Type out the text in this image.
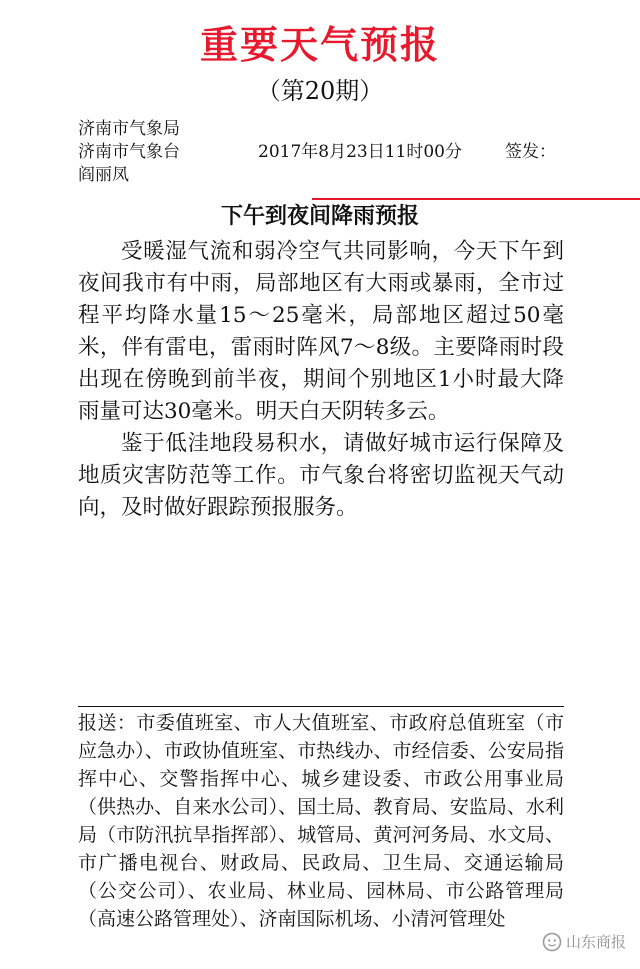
重要天气预报
（第20期）
济南市气象局
济南市气象台
阎丽凤
2017年8月23日11时00分	签发：
下午到夜间降雨预报

受暖湿气流和弱冷空气共同影响，今天下午到夜间我市有中雨，局部地区有大雨或暴雨，全市过程平均降水量15～25毫米，局部地区超过50毫米，伴有雷电，雷雨时阵风7～8级。主要降雨时段出现在傍晚到前半夜，期间个别地区1小时最大降雨量可达30毫米。明天白天阴转多云。

鉴于低洼地段易积水，请做好城市运行保障及地质灾害防范等工作。市气象台将密切监视天气动向，及时做好跟踪预报服务。

报送：市委值班室、市人大值班室、市政府总值班室（市应急办）、市政协值班室、市热线办、市经信委、公安局指挥中心、交警指挥中心、城乡建设委、市政公用事业局（供热办、自来水公司）、国土局、教育局、安监局、水利局（市防汛抗旱指挥部）、城管局、黄河河务局、水文局、市广播电视台、财政局、民政局、卫生局、交通运输局（公交公司）、农业局、林业局、园林局、市公路管理局（高速公路管理处）、济南国际机场、小清河管理处
山东商报
